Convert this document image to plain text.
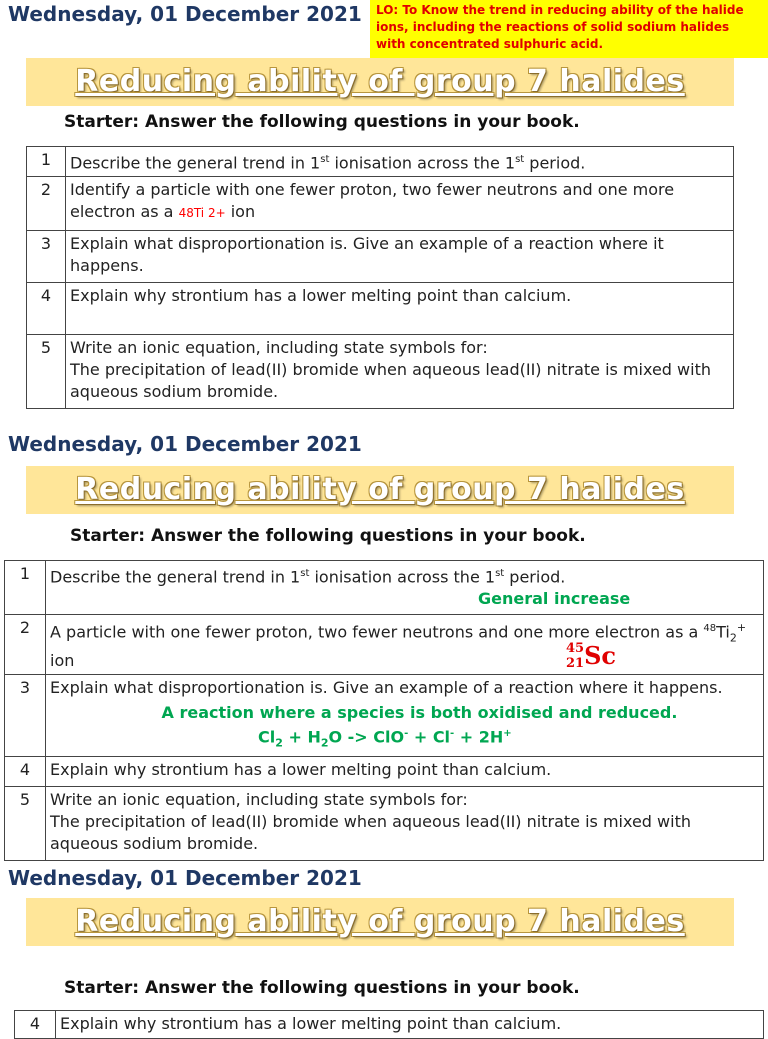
Wednesday, 01 December 2021	LO: To Know the trend in reducing ability of the halide ions, including the reactions of solid sodium halides with concentrated sulphuric acid.
Reducing ability of group 7 halides
Starter: Answer the following questions in your book.
1	Describe the general trend in 1st ionisation across the 1st period.
2	Identify a particle with one fewer proton, two fewer neutrons and one more electron as a 48Ti 2+ ion
3	Explain what disproportionation is. Give an example of a reaction where it happens.
4	Explain why strontium has a lower melting point than calcium.
5	Write an ionic equation, including state symbols for:
The precipitation of lead(II) bromide when aqueous lead(II) nitrate is mixed with aqueous sodium bromide.
Wednesday, 01 December 2021
Reducing ability of group 7 halides
Starter: Answer the following questions in your book.
1	Describe the general trend in 1st ionisation across the 1st period.
General increase

2	A particle with one fewer proton, two fewer neutrons and one more electron as a $^{48}Ti_2^+$ ion
3	Explain what disproportionation is. Give an example of a reaction where it happens.
A reaction where a species is both oxidised and reduced.
$Cl_2 + H_2O -> ClO^- + Cl^- + 2H^+$

4	Explain why strontium has a lower melting point than calcium.
5	Write an ionic equation, including state symbols for:
The precipitation of lead(II) bromide when aqueous lead(II) nitrate is mixed with aqueous sodium bromide.
45
21Sc
Wednesday, 01 December 2021
Reducing ability of group 7 halides
Starter: Answer the following questions in your book.
4	Explain why strontium has a lower melting point than calcium.
